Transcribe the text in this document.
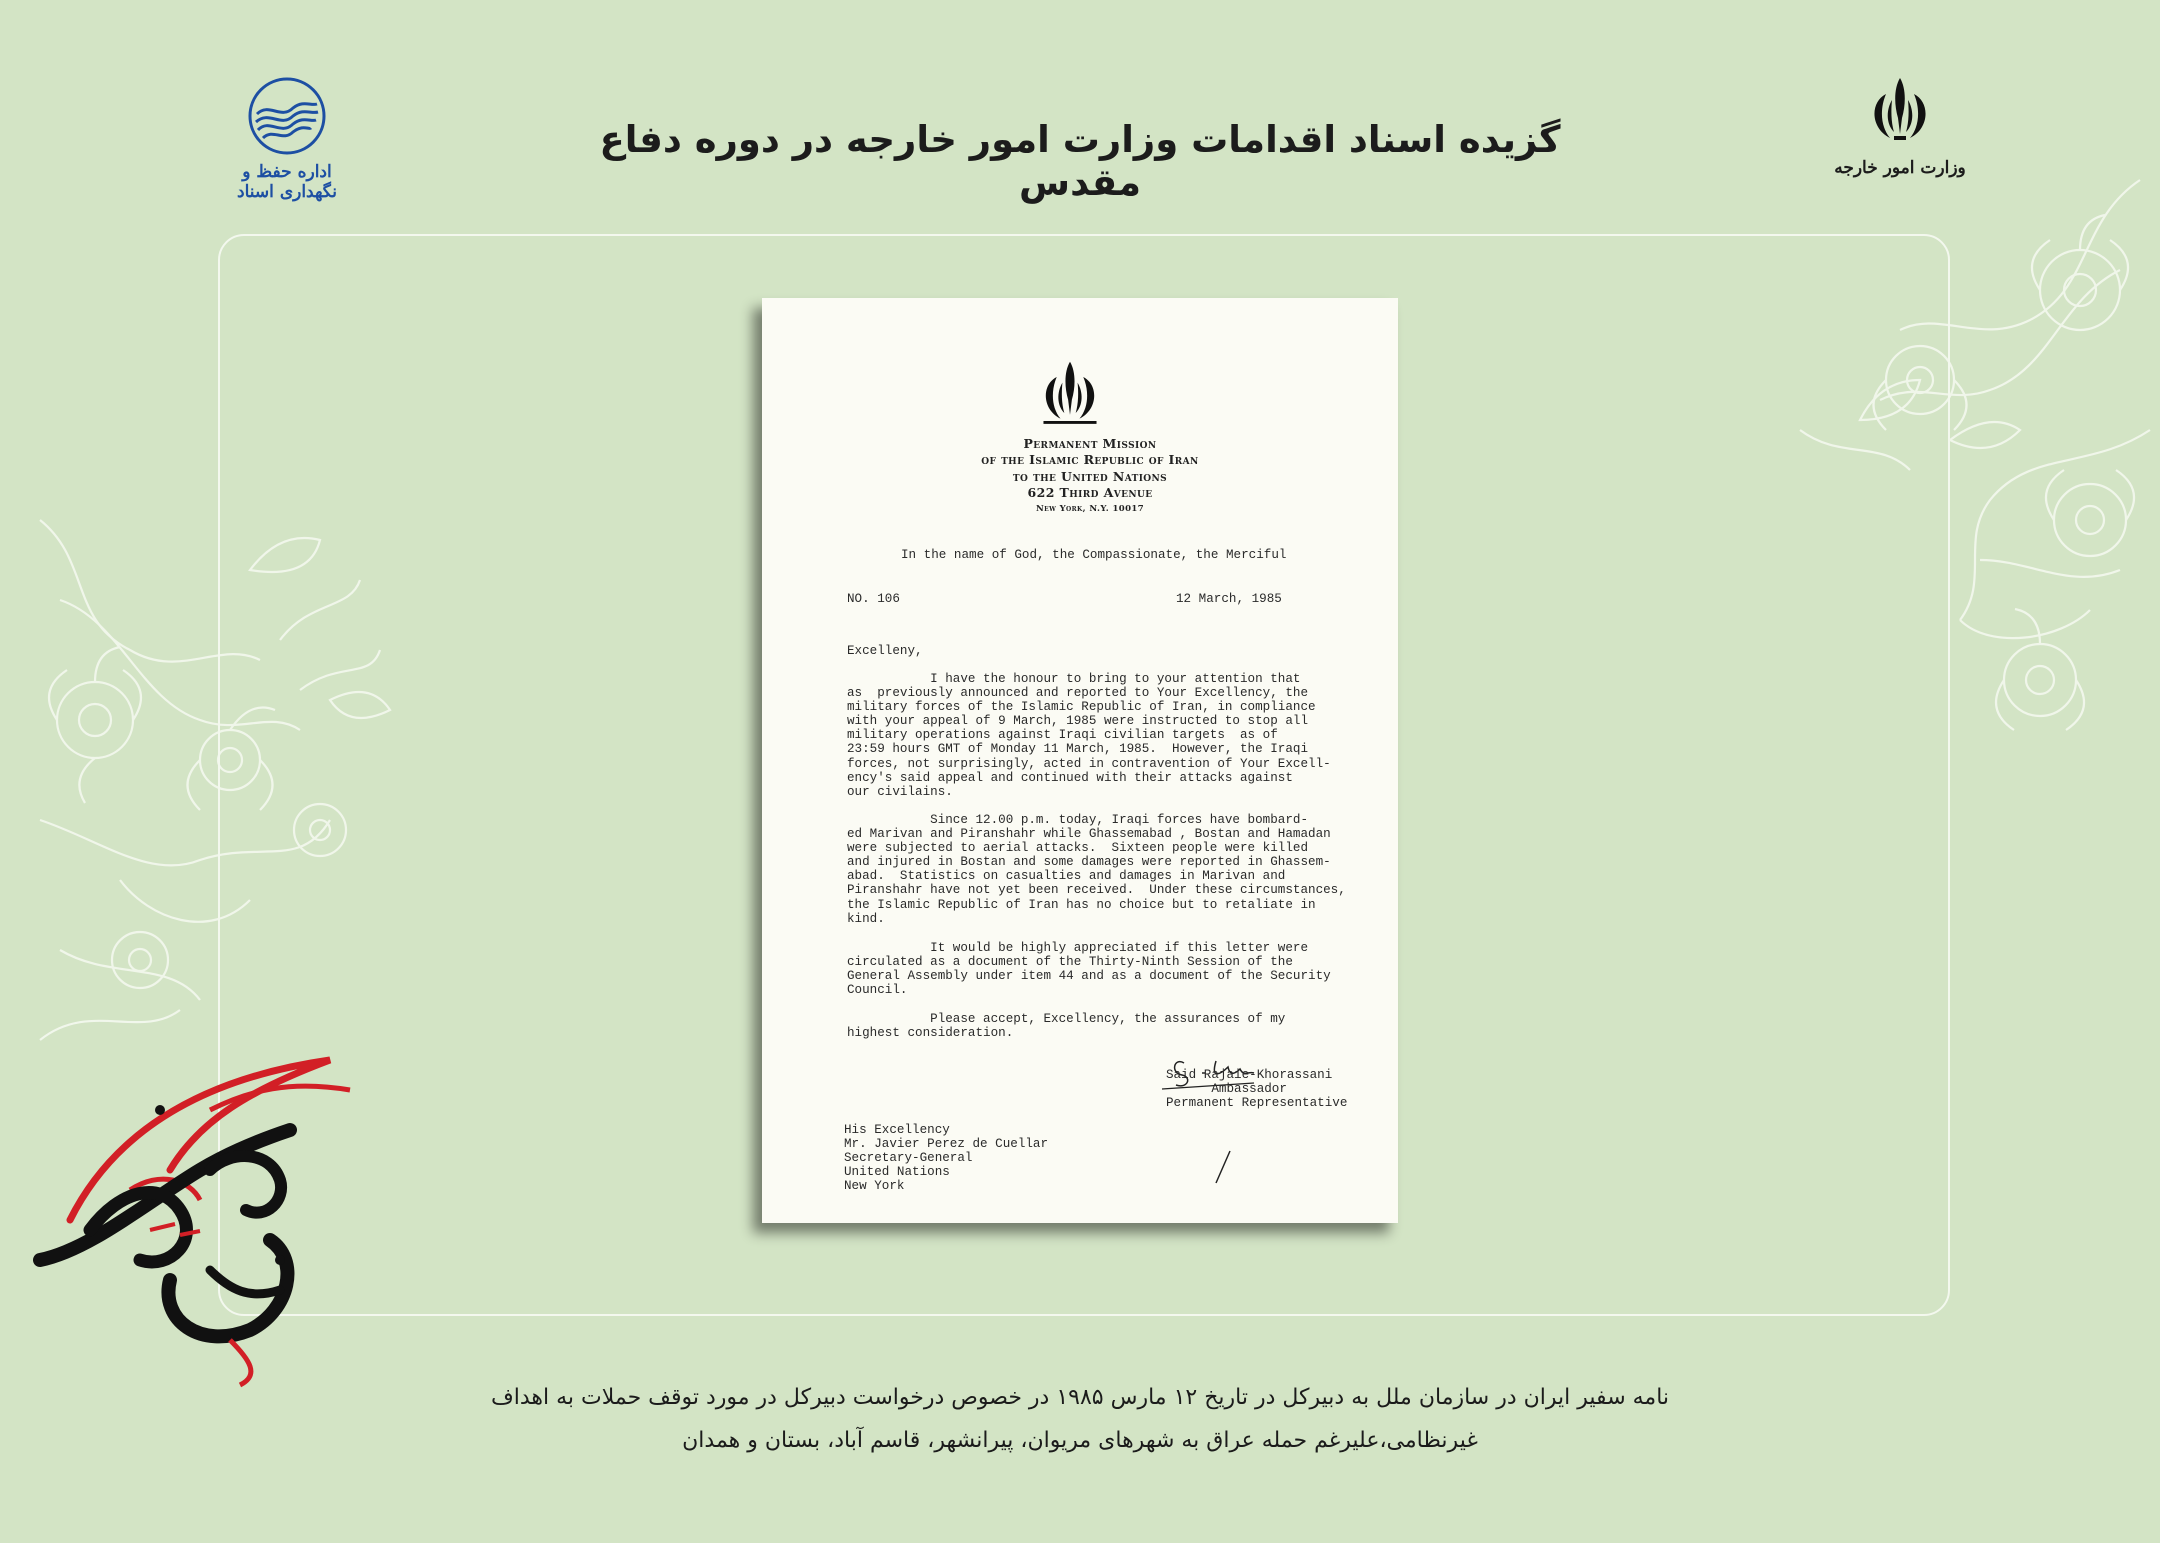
اداره حفظ و نگهداری اسناد
وزارت امور خارجه
گزیده اسناد اقدامات وزارت امور خارجه در دوره دفاع مقدس
Permanent Mission
of the Islamic Republic of Iran
to the United Nations
622 Third Avenue
New York, N.Y. 10017
In the name of God, the Compassionate, the Merciful
NO. 106	12 March, 1985
Excelleny,
I have the honour to bring to your attention that
as  previously announced and reported to Your Excellency, the
military forces of the Islamic Republic of Iran, in compliance
with your appeal of 9 March, 1985 were instructed to stop all
military operations against Iraqi civilian targets  as of
23:59 hours GMT of Monday 11 March, 1985.  However, the Iraqi
forces, not surprisingly, acted in contravention of Your Excell-
ency's said appeal and continued with their attacks against
our civilains.
Since 12.00 p.m. today, Iraqi forces have bombard-
ed Marivan and Piranshahr while Ghassemabad , Bostan and Hamadan
were subjected to aerial attacks.  Sixteen people were killed
and injured in Bostan and some damages were reported in Ghassem-
abad.  Statistics on casualties and damages in Marivan and
Piranshahr have not yet been received.  Under these circumstances,
the Islamic Republic of Iran has no choice but to retaliate in
kind.
It would be highly appreciated if this letter were
circulated as a document of the Thirty-Ninth Session of the
General Assembly under item 44 and as a document of the Security
Council.
Please accept, Excellency, the assurances of my
highest consideration.
Said Rajaie-Khorassani
Ambassador
Permanent Representative
His Excellency
Mr. Javier Perez de Cuellar
Secretary-General
United Nations
New York
نامه سفیر ایران در سازمان ملل به دبیرکل در تاریخ ۱۲ مارس ۱۹۸۵ در خصوص درخواست دبیرکل در مورد توقف حملات به اهداف
غیرنظامی،علیرغم حمله عراق به شهرهای مریوان، پیرانشهر، قاسم آباد، بستان و همدان
